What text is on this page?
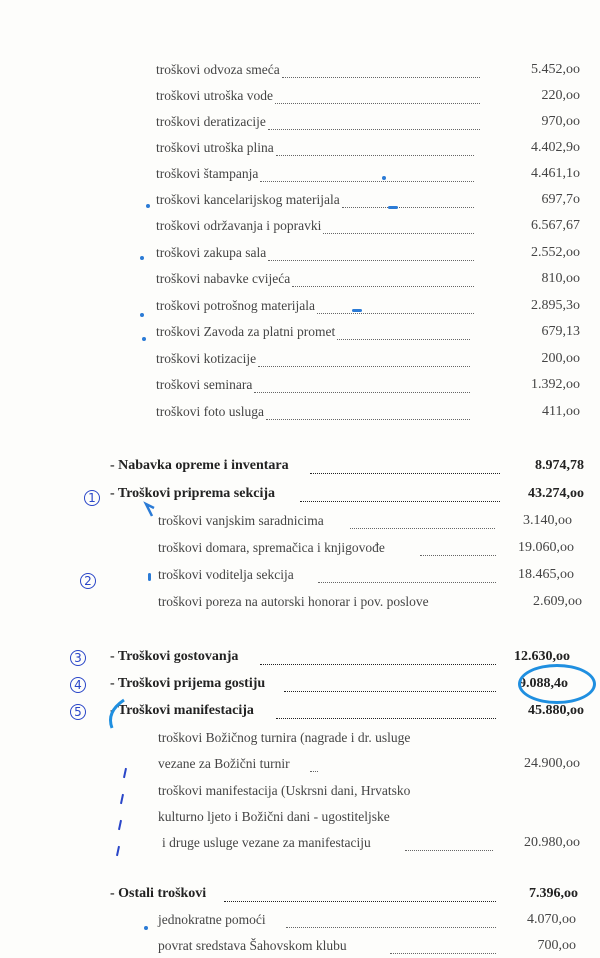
troškovi odvoza smeća	5.452,oo
troškovi utroška vode	220,oo
troškovi deratizacije	970,oo
troškovi utroška plina	4.402,9o
troškovi štampanja	4.461,1o
troškovi kancelarijskog materijala	697,7o
troškovi održavanja i popravki	6.567,67
troškovi zakupa sala	2.552,oo
troškovi nabavke cvijeća	810,oo
troškovi potrošnog materijala	2.895,3o
troškovi Zavoda za platni promet	679,13
troškovi kotizacije	200,oo
troškovi seminara	1.392,oo
troškovi foto usluga	411,oo
- Nabavka opreme i inventara	8.974,78
- Troškovi priprema sekcija	43.274,oo
troškovi vanjskim saradnicima	3.140,oo
troškovi domara, spremačica i knjigovođe	19.060,oo
troškovi voditelja sekcija	18.465,oo
troškovi poreza na autorski honorar i pov. poslove	2.609,oo
- Troškovi gostovanja	12.630,oo
- Troškovi prijema gostiju	9.088,4o
- Troškovi manifestacija	45.880,oo
troškovi Božičnog turnira (nagrade i dr. usluge
vezane za Božični turnir	24.900,oo
troškovi manifestacija (Uskrsni dani, Hrvatsko
kulturno ljeto i Božični dani - ugostiteljske
i druge usluge vezane za manifestaciju	20.980,oo
- Ostali troškovi	7.396,oo
jednokratne pomoći	4.070,oo
povrat sredstava Šahovskom klubu	700,oo
1
2
3
4
5
